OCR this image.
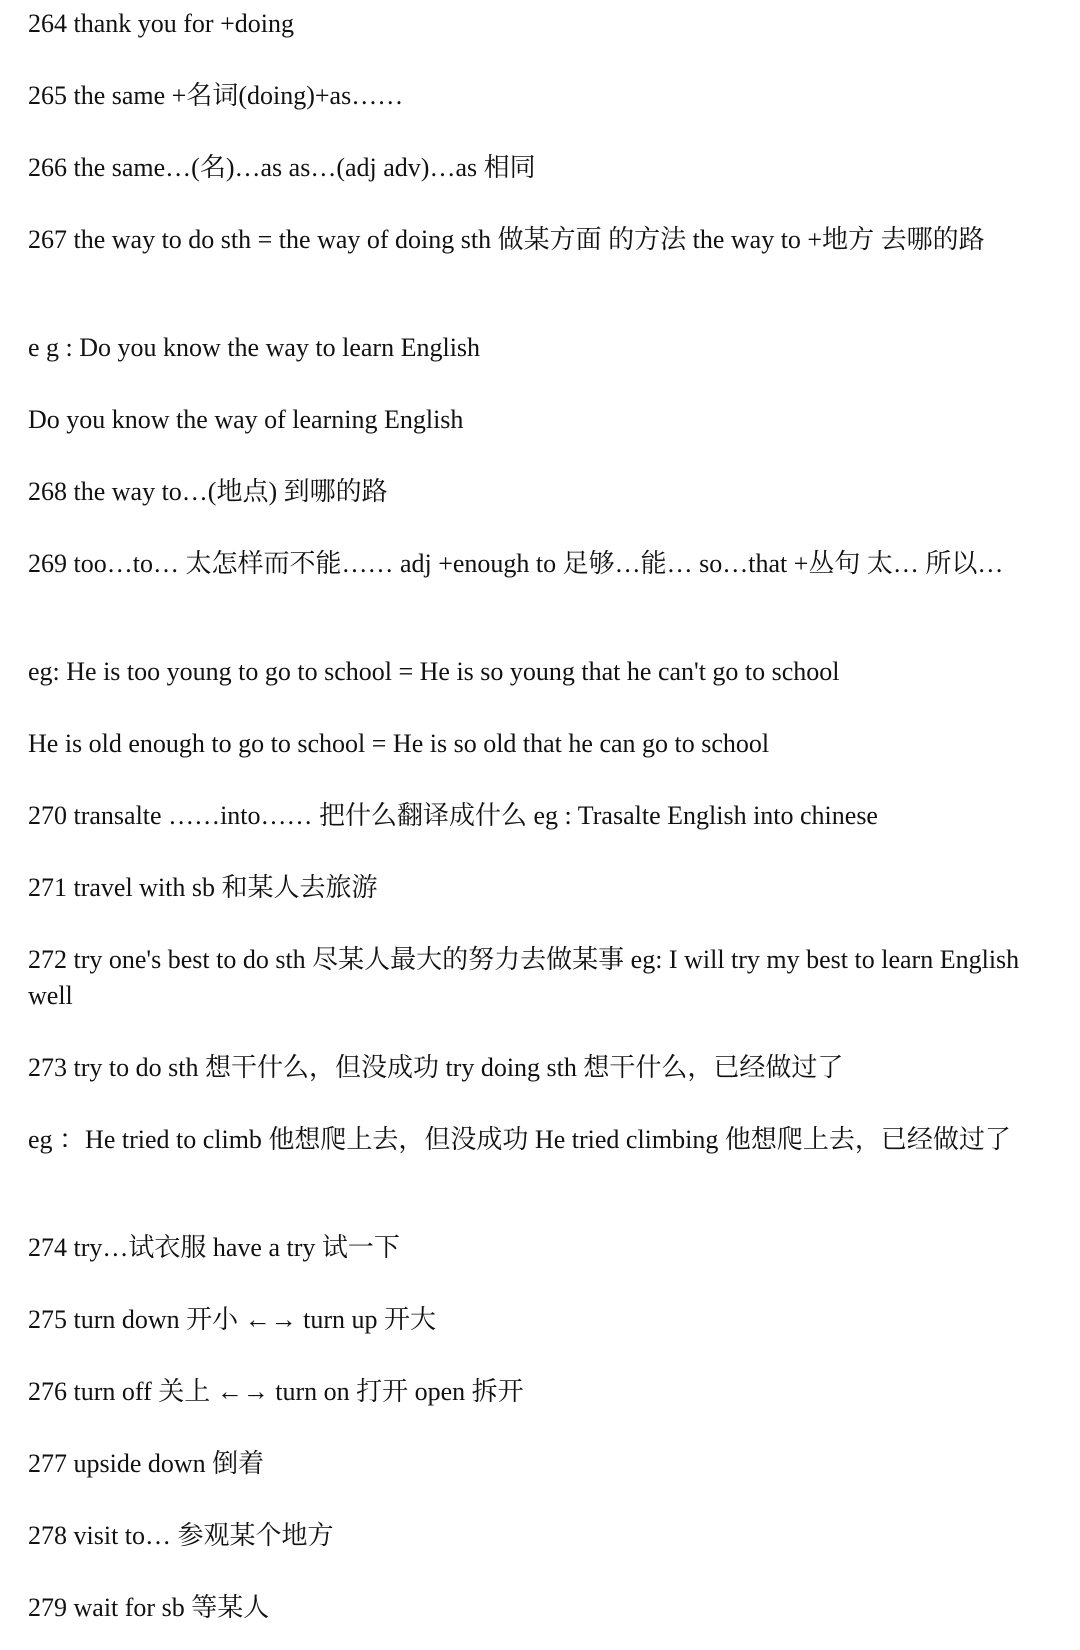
264 thank you for +doing
265 the same +名词(doing)+as……
266 the same…(名)…as as…(adj adv)…as 相同
267 the way to do sth = the way of doing sth 做某方面 的方法 the way to +地方 去哪的路
e g : Do you know the way to learn English
Do you know the way of learning English
268 the way to…(地点) 到哪的路
269 too…to… 太怎样而不能…… adj +enough to 足够…能… so…that +丛句 太… 所以…
eg: He is too young to go to school = He is so young that he can't go to school
He is old enough to go to school = He is so old that he can go to school
270 transalte ……into…… 把什么翻译成什么 eg : Trasalte English into chinese
271 travel with sb 和某人去旅游
272 try one's best to do sth 尽某人最大的努力去做某事 eg: I will try my best to learn English well
273 try to do sth 想干什么，但没成功 try doing sth 想干什么，已经做过了
eg ：He tried to climb 他想爬上去，但没成功 He tried climbing 他想爬上去，已经做过了
274 try…试衣服 have a try 试一下
275 turn down 开小 ←→ turn up 开大
276 turn off 关上 ←→ turn on 打开 open 拆开
277 upside down 倒着
278 visit to… 参观某个地方
279 wait for sb 等某人
